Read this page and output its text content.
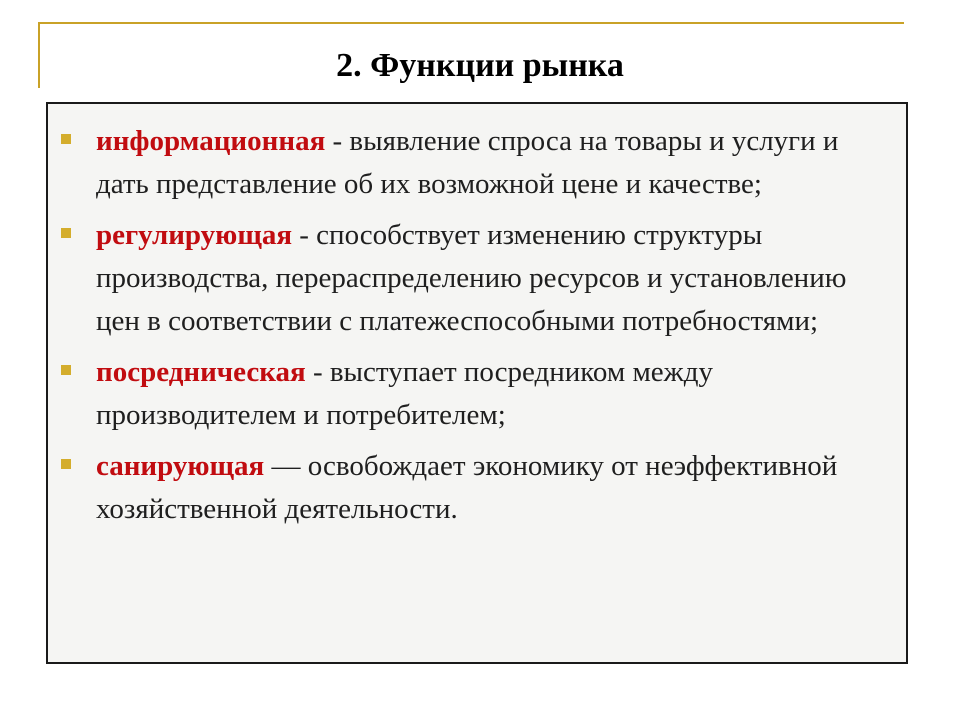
2. Функции рынка
информационная - выявление спроса на товары и услуги и дать представление об их возможной цене и качестве;
регулирующая - способствует изменению структуры производства, перераспределению ресурсов и установлению цен в соответствии с платежеспособными потребностями;
посредническая - выступает посредником между производителем и потребителем;
санирующая — освобождает экономику от неэффективной хозяйственной деятельности.
